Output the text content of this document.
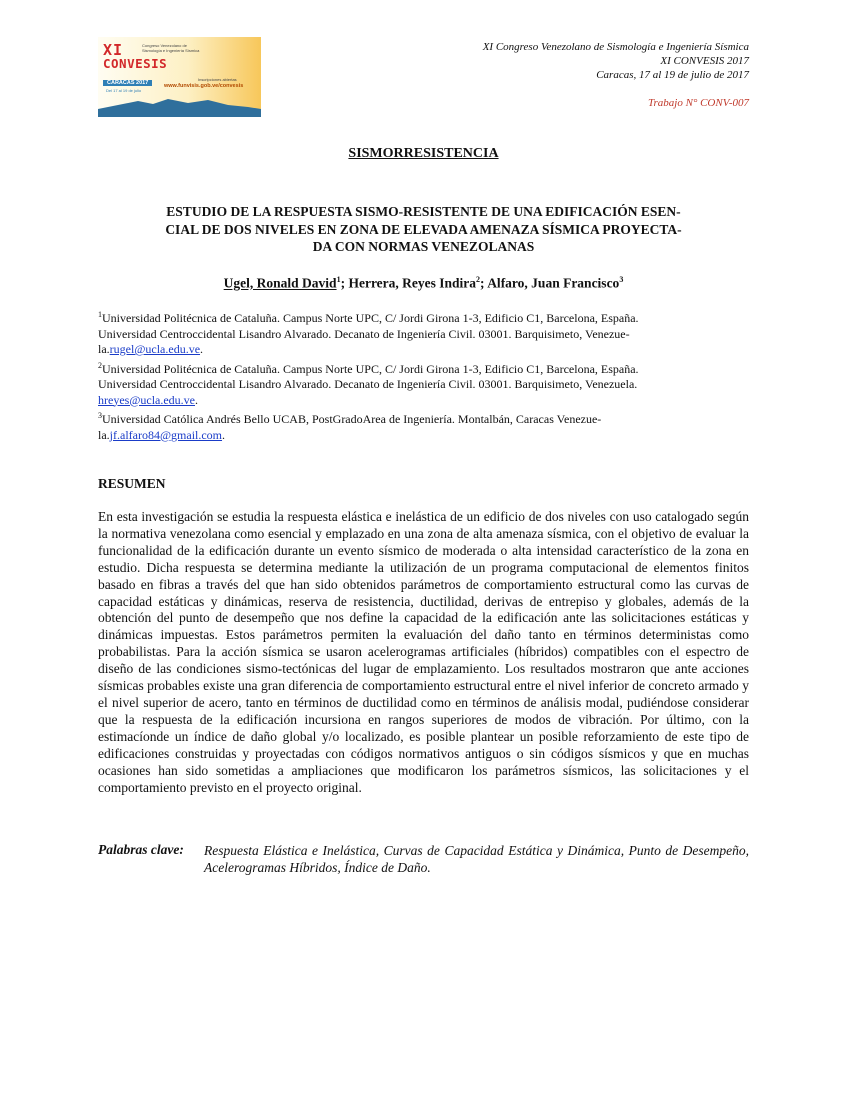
XI
CONVESIS
Congreso Venezolano de Sismología e Ingeniería Sísmica
CARACAS 2017
Del 17 al 19 de julio
Inscripciones abiertas
www.funvisis.gob.ve/convesis
XI Congreso Venezolano de Sismología e Ingeniería Sísmica
XI CONVESIS 2017
Caracas, 17 al 19 de julio de 2017
Trabajo N° CONV-007
SISMORRESISTENCIA
ESTUDIO DE LA RESPUESTA SISMO-RESISTENTE DE UNA EDIFICACIÓN ESEN-
CIAL DE DOS NIVELES EN ZONA DE ELEVADA AMENAZA SÍSMICA PROYECTA-
DA CON NORMAS VENEZOLANAS
Ugel, Ronald David$^1$; Herrera, Reyes Indira$^2$; Alfaro, Juan Francisco$^3$
$^1$Universidad Politécnica de Cataluña. Campus Norte UPC, C/ Jordi Girona 1-3, Edificio C1, Barcelona, España.
Universidad Centroccidental Lisandro Alvarado. Decanato de Ingeniería Civil. 03001. Barquisimeto, Venezue-
la.rugel@ucla.edu.ve.
$^2$Universidad Politécnica de Cataluña. Campus Norte UPC, C/ Jordi Girona 1-3, Edificio C1, Barcelona, España.
Universidad Centroccidental Lisandro Alvarado. Decanato de Ingeniería Civil. 03001. Barquisimeto, Venezuela.
hreyes@ucla.edu.ve.
$^3$Universidad Católica Andrés Bello UCAB, PostGradoArea de Ingeniería. Montalbán, Caracas Venezue-
la.jf.alfaro84@gmail.com.
RESUMEN
En esta investigación se estudia la respuesta elástica e inelástica de un edificio de dos niveles con uso catalogado según la normativa venezolana como esencial y emplazado en una zona de alta amenaza sísmica, con el objetivo de evaluar la funcionalidad de la edificación durante un evento sísmico de moderada o alta intensidad característico de la zona en estudio. Dicha respuesta se determina mediante la utilización de un programa computacional de elementos finitos basado en fibras a través del que han sido obtenidos parámetros de comportamiento estructural como las curvas de capacidad estáticas y dinámicas, reserva de resistencia, ductilidad, derivas de entrepiso y globales, además de la obtención del punto de desempeño que nos define la capacidad de la edificación ante las solicitaciones estáticas y dinámicas impuestas. Estos parámetros permiten la evaluación del daño tanto en términos deterministas como probabilistas. Para la acción sísmica se usaron acelerogramas artificiales (híbridos) compatibles con el espectro de diseño de las condiciones sismo-tectónicas del lugar de emplazamiento. Los resultados mostraron que ante acciones sísmicas probables existe una gran diferencia de comportamiento estructural entre el nivel inferior de concreto armado y el nivel superior de acero, tanto en términos de ductilidad como en términos de análisis modal, pudiéndose considerar que la respuesta de la edificación incursiona en rangos superiores de modos de vibración. Por último, con la estimacíonde un índice de daño global y/o localizado, es posible plantear un posible reforzamiento de este tipo de edificaciones construidas y proyectadas con códigos normativos antiguos o sin códigos sísmicos y que en muchas ocasiones han sido sometidas a ampliaciones que modificaron los parámetros sísmicos, las solicitaciones y el comportamiento previsto en el proyecto original.
Palabras clave: Respuesta Elástica e Inelástica, Curvas de Capacidad Estática y Dinámica, Punto de Desempeño, Acelerogramas Híbridos, Índice de Daño.
